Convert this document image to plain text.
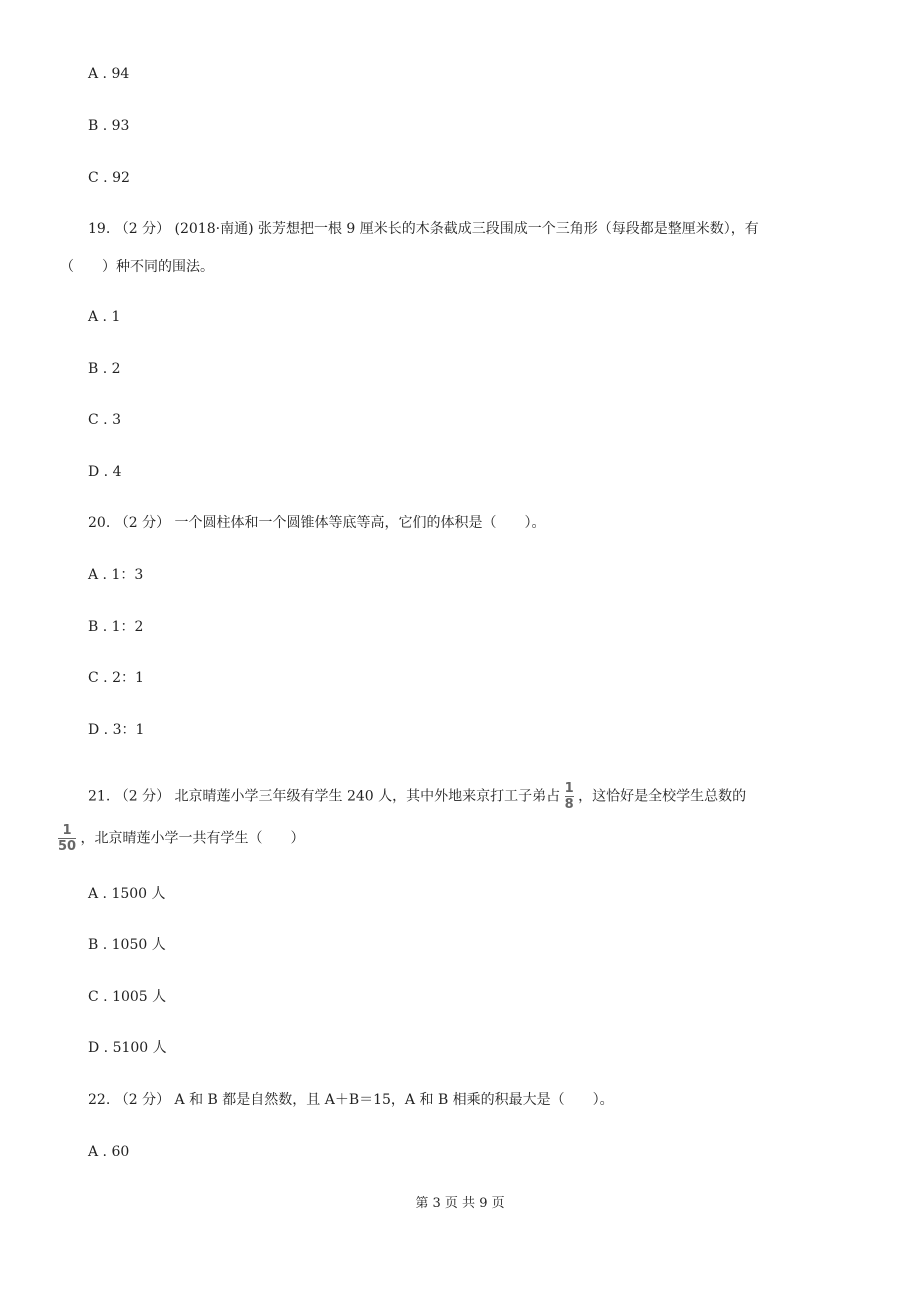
A . 94
B . 93
C . 92
19. （2 分） (2018·南通) 张芳想把一根 9 厘米长的木条截成三段围成一个三角形（每段都是整厘米数），有
（　　）种不同的围法。
A . 1
B . 2
C . 3
D . 4
20. （2 分） 一个圆柱体和一个圆锥体等底等高，它们的体积是（　　）。
A . 1：3
B . 1：2
C . 2：1
D . 3：1
21. （2 分） 北京晴莲小学三年级有学生 240 人，其中外地来京打工子弟占 $\frac{1}{8}$ ，这恰好是全校学生总数的
$\frac{1}{50}$ ，北京晴莲小学一共有学生（　　）
A . 1500 人
B . 1050 人
C . 1005 人
D . 5100 人
22. （2 分） A 和 B 都是自然数，且 A＋B＝15，A 和 B 相乘的积最大是（　　）。
A . 60
第 3 页 共 9 页
